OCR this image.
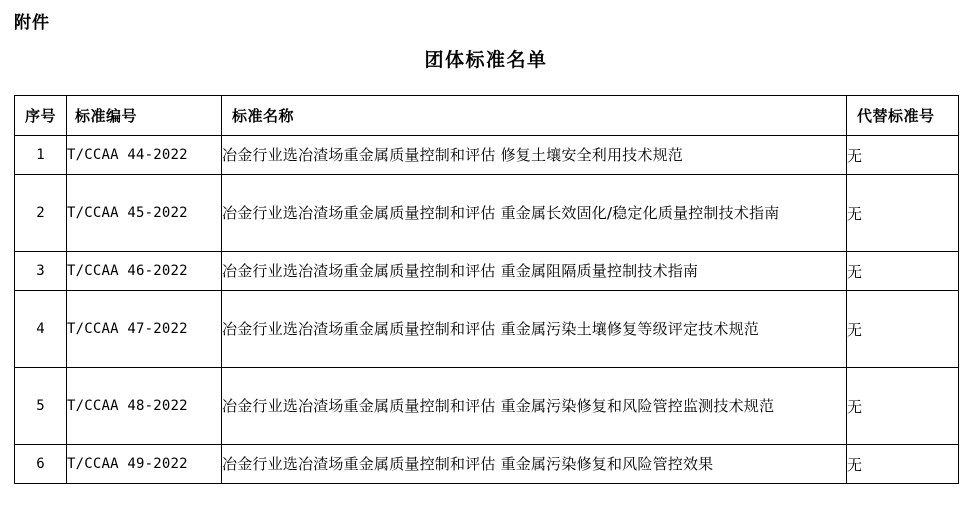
附件
团体标准名单
序号	标准编号	标准名称	代替标准号
1	T/CCAA 44-2022	冶金行业选冶渣场重金属质量控制和评估 修复土壤安全利用技术规范	无
2	T/CCAA 45-2022	冶金行业选冶渣场重金属质量控制和评估 重金属长效固化/稳定化质量控制技术指南	无
3	T/CCAA 46-2022	冶金行业选冶渣场重金属质量控制和评估 重金属阻隔质量控制技术指南	无
4	T/CCAA 47-2022	冶金行业选冶渣场重金属质量控制和评估 重金属污染土壤修复等级评定技术规范	无
5	T/CCAA 48-2022	冶金行业选冶渣场重金属质量控制和评估 重金属污染修复和风险管控监测技术规范	无
6	T/CCAA 49-2022	冶金行业选冶渣场重金属质量控制和评估 重金属污染修复和风险管控效果	无
